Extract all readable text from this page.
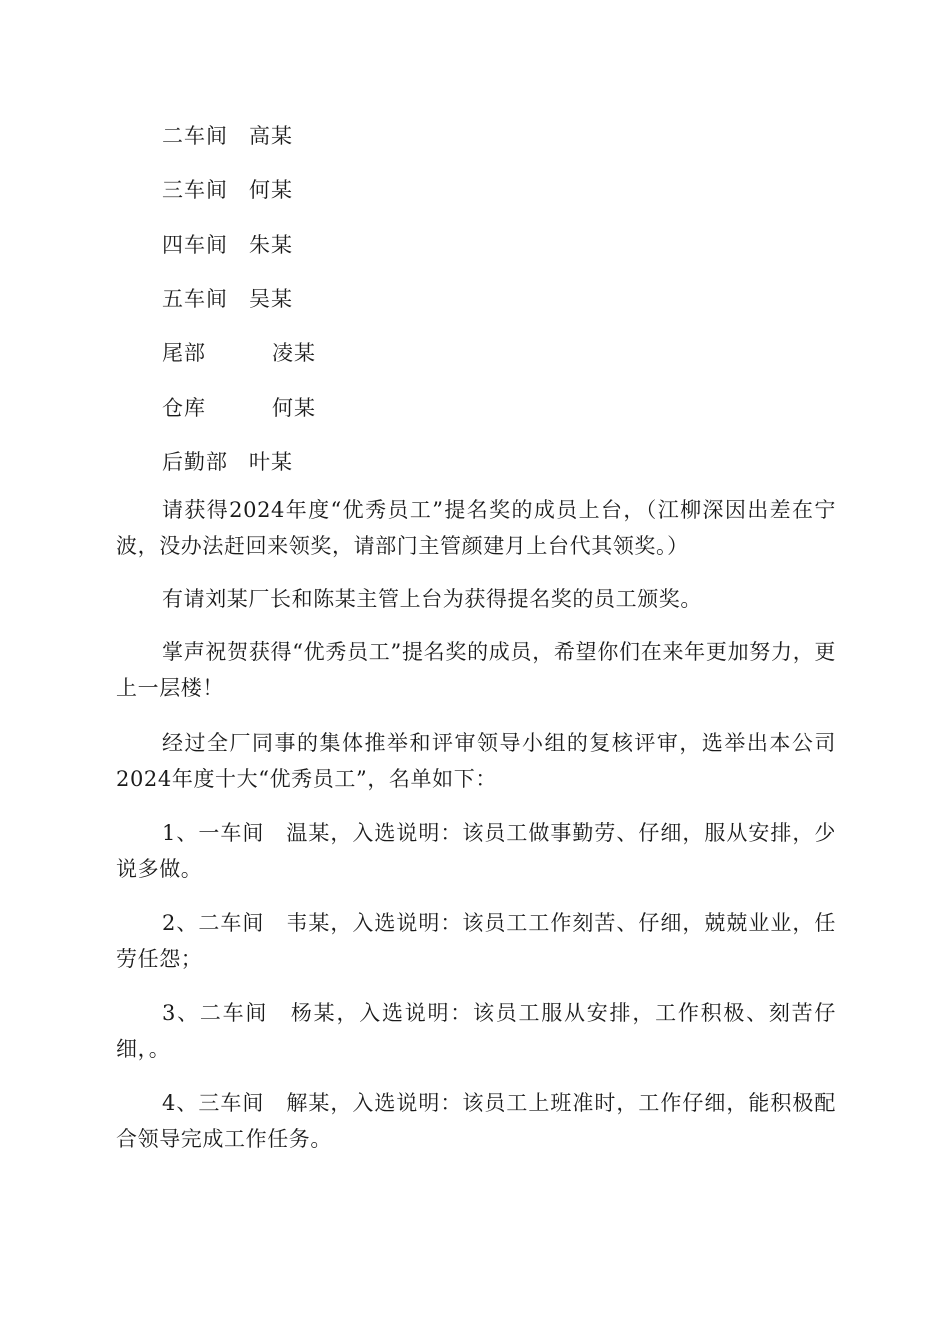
二车间	高某
三车间	何某
四车间	朱某
五车间	吴某
尾部	凌某
仓库	何某
后勤部	叶某

请获得2024年度“优秀员工”提名奖的成员上台，（江柳深因出差在宁波，没办法赶回来领奖，请部门主管颜建月上台代其领奖。）

有请刘某厂长和陈某主管上台为获得提名奖的员工颁奖。

掌声祝贺获得“优秀员工”提名奖的成员，希望你们在来年更加努力，更上一层楼！

经过全厂同事的集体推举和评审领导小组的复核评审，选举出本公司2024年度十大“优秀员工”，名单如下：

1、一车间　温某，入选说明：该员工做事勤劳、仔细，服从安排，少说多做。

2、二车间　韦某，入选说明：该员工工作刻苦、仔细，兢兢业业，任劳任怨；

3、二车间　杨某，入选说明：该员工服从安排，工作积极、刻苦仔细，。

4、三车间　解某，入选说明：该员工上班准时，工作仔细，能积极配合领导完成工作任务。
